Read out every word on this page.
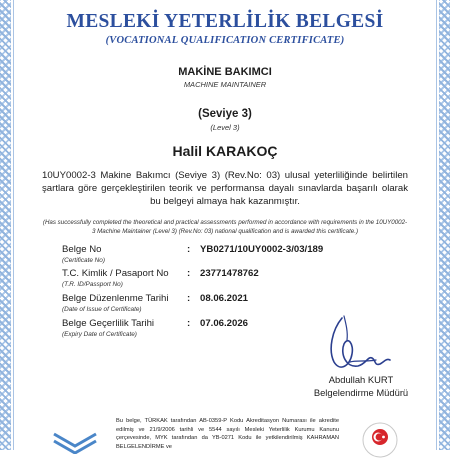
MESLEKİ YETERLİLİK BELGESİ
(VOCATIONAL QUALIFICATION CERTIFICATE)
MAKİNE BAKIMCI
MACHINE MAINTAINER
(Seviye 3)
(Level 3)
Halil KARAKOÇ
10UY0002-3 Makine Bakımcı (Seviye 3) (Rev.No: 03) ulusal yeterliliğinde belirtilen şartlara göre gerçekleştirilen teorik ve performansa dayalı sınavlarda başarılı olarak bu belgeyi almaya hak kazanmıştır.
(Has successfully completed the theoretical and practical assessments performed in accordance with requirements in the 10UY0002-3 Machine Maintainer (Level 3) (Rev.No: 03) national qualification and is awarded this certificate.)
Belge No	: YB0271/10UY0002-3/03/189
(Certificate No)
T.C. Kimlik / Pasaport No : 23771478762
(T.R. ID/Passport No)
Belge Düzenlenme Tarihi : 08.06.2021
(Date of Issue of Certificate)
Belge Geçerlilik Tarihi	: 07.06.2026
(Expiry Date of Certificate)
Abdullah KURT
Belgelendirme Müdürü
Bu belge, TÜRKAK tarafından AB-0359-P Kodu Akreditasyon Numarası ile akredite edilmiş ve 21/9/2006 tarihli ve 5544 sayılı Mesleki Yeterlilik Kurumu Kanunu çerçevesinde, MYK tarafından da YB-0271 Kodu ile yetkilendirilmiş KAHRAMAN BELGELENDİRME ve
